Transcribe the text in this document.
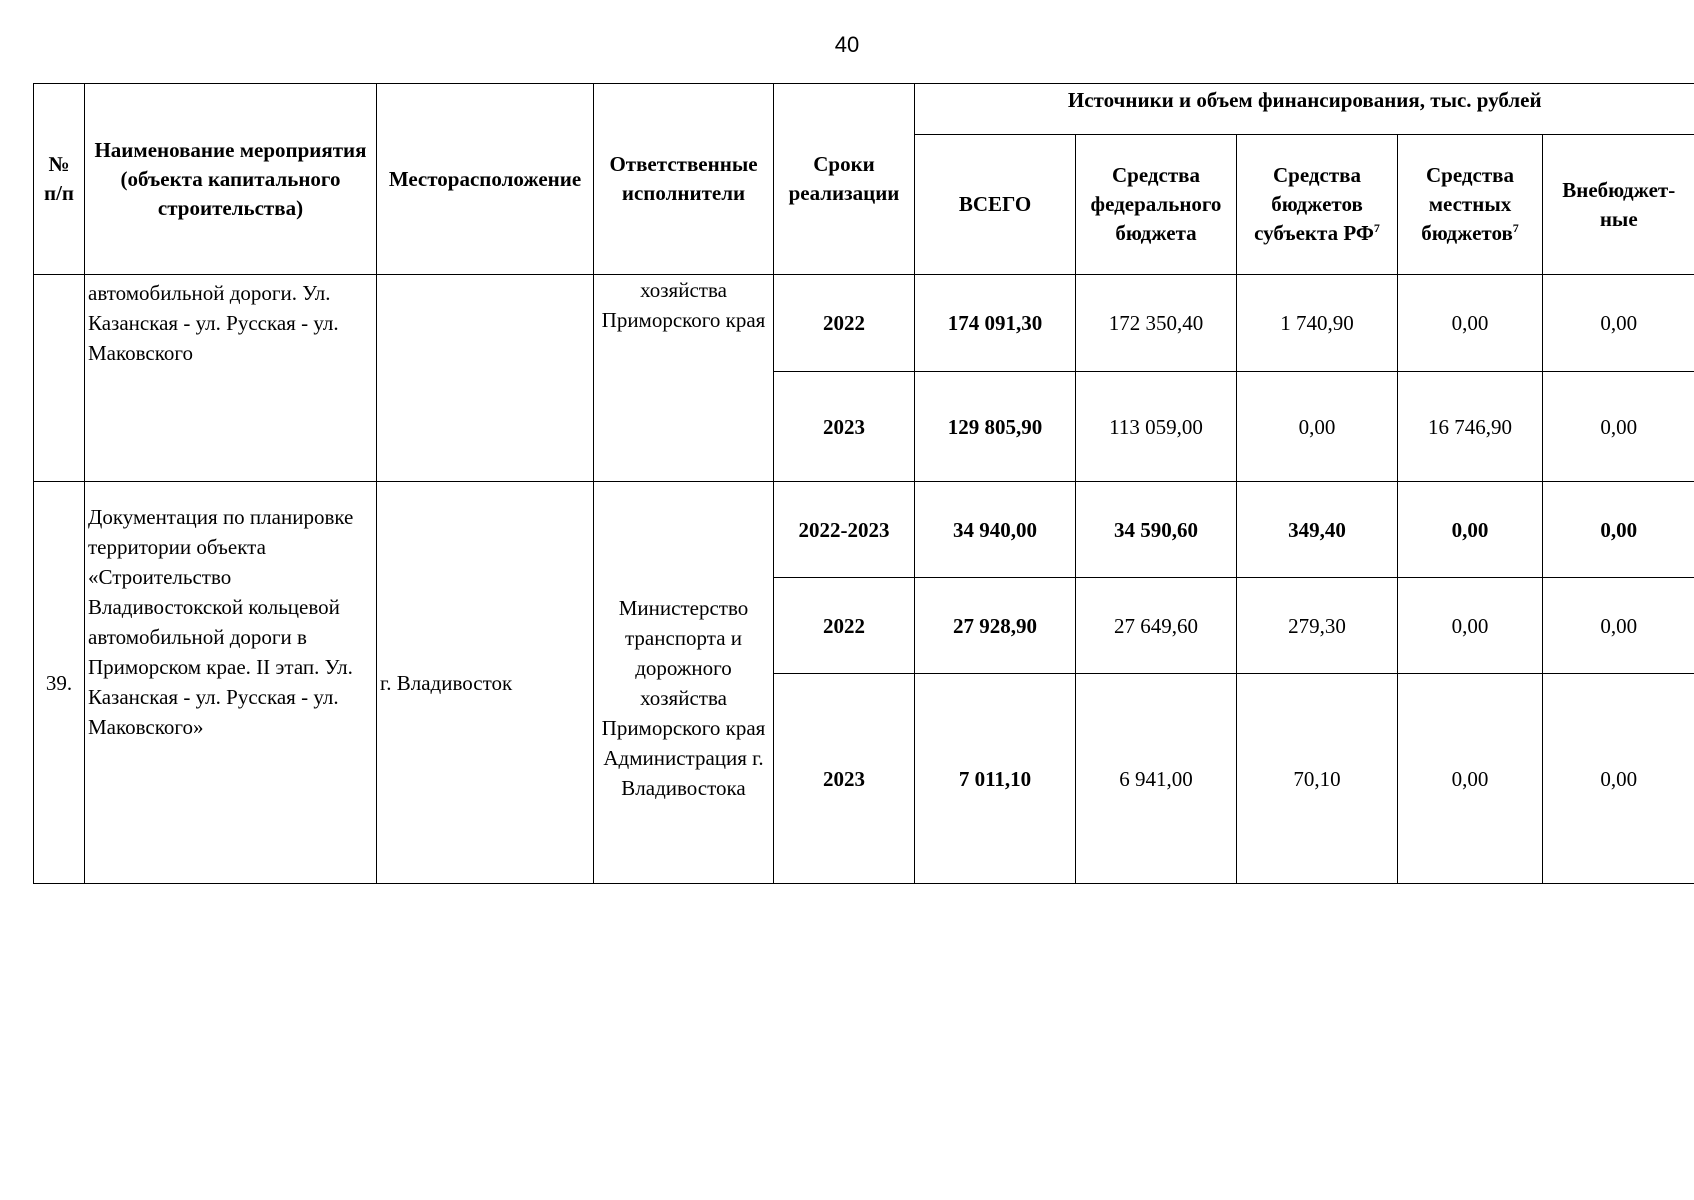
40
№ п/п	Наименование мероприятия (объекта капитального строительства)	Месторасположение	Ответственные исполнители	Сроки реализации	Источники и объем финансирования, тыс. рублей				
					ВСЕГО	Средства федерального бюджета	Средства бюджетов субъекта $РФ^7$	Средства местных бюджетов$^7$	Внебюджет-ные
	автомобильной дороги. Ул. Казанская - ул. Русская - ул. Маковского		хозяйства Приморского края	2022	174 091,30	172 350,40	1 740,90	0,00	0,00
				2023	129 805,90	113 059,00	0,00	16 746,90	0,00
39.	Документация по планировке территории объекта «Строительство Владивостокской кольцевой автомобильной дороги в Приморском крае. II этап. Ул. Казанская - ул. Русская - ул. Маковского»	г. Владивосток	Министерство транспорта и дорожного хозяйства Приморского края Администрация г. Владивостока	2022-2023	34 940,00	34 590,60	349,40	0,00	0,00
				2022	27 928,90	27 649,60	279,30	0,00	0,00
				2023	7 011,10	6 941,00	70,10	0,00	0,00
